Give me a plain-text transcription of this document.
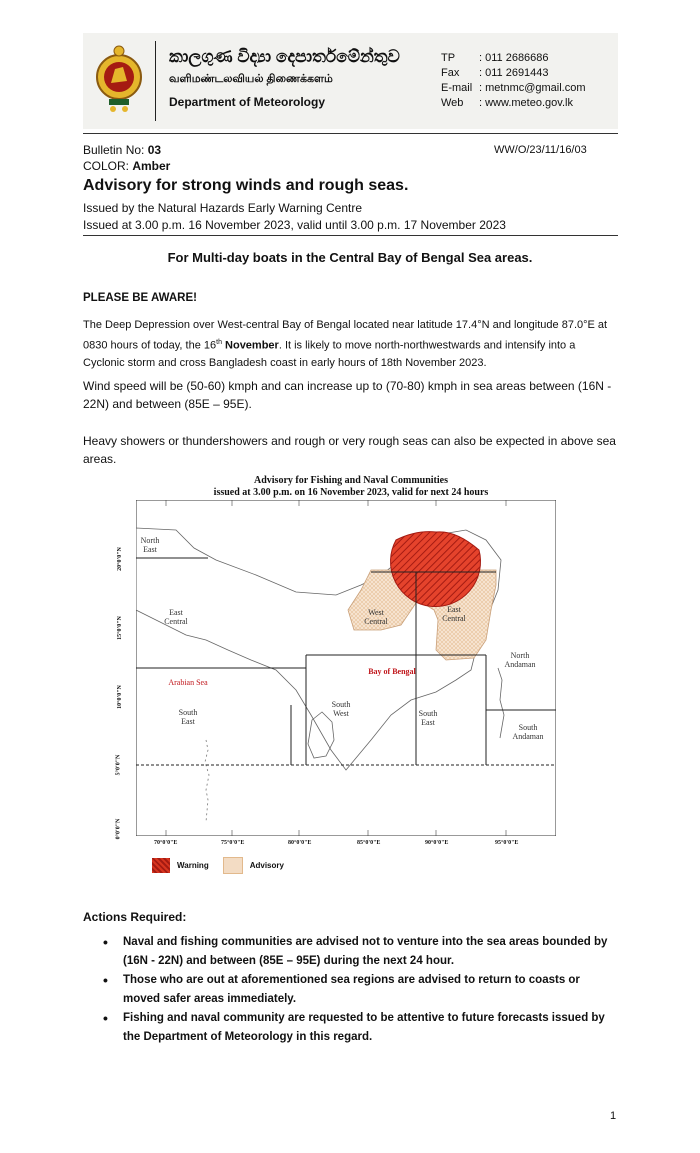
කාලගුණ විද්‍යා දෙපාර්තමේන්තුව
வளிமண்டலவியல் திணைக்களம்
Department of Meteorology
TP	: 011 2686686
Fax	: 011 2691443
E-mail : metnmc@gmail.com
Web	: www.meteo.gov.lk
Bulletin No: 03	WW/O/23/11/16/03
COLOR: Amber
Advisory for strong winds and rough seas.
Issued by the Natural Hazards Early Warning Centre
Issued at 3.00 p.m. 16 November 2023, valid until 3.00 p.m. 17 November 2023
For Multi-day boats in the Central Bay of Bengal Sea areas.
PLEASE BE AWARE!
The Deep Depression over West-central Bay of Bengal located near latitude 17.4°N and longitude 87.0°E at 0830 hours of today, the 16th November. It is likely to move north-northwestwards and intensify into a Cyclonic storm and cross Bangladesh coast in early hours of 18th November 2023.
Wind speed will be (50-60) kmph and can increase up to (70-80) kmph in sea areas between (16N - 22N) and between (85E – 95E).
Heavy showers or thundershowers and rough or very rough seas can also be expected in above sea areas.
Advisory for Fishing and Naval Communities
issued at 3.00 p.m. on 16 November 2023, valid for next 24 hours
North East
East Central
Arabian Sea
South East
South West
Bay of Bengal
West Central
East Central
North Andaman
South East
South Andaman
70°0'0"E	75°0'0"E	80°0'0"E	85°0'0"E	90°0'0"E	95°0'0"E
20°0'0"N
15°0'0"N
10°0'0"N
5°0'0"N
0°0'0"N
Warning	Advisory
Actions Required:
• Naval and fishing communities are advised not to venture into the sea areas bounded by (16N - 22N) and between (85E – 95E) during the next 24 hour.
• Those who are out at aforementioned sea regions are advised to return to coasts or moved safer areas immediately.
• Fishing and naval community are requested to be attentive to future forecasts issued by the Department of Meteorology in this regard.
1
